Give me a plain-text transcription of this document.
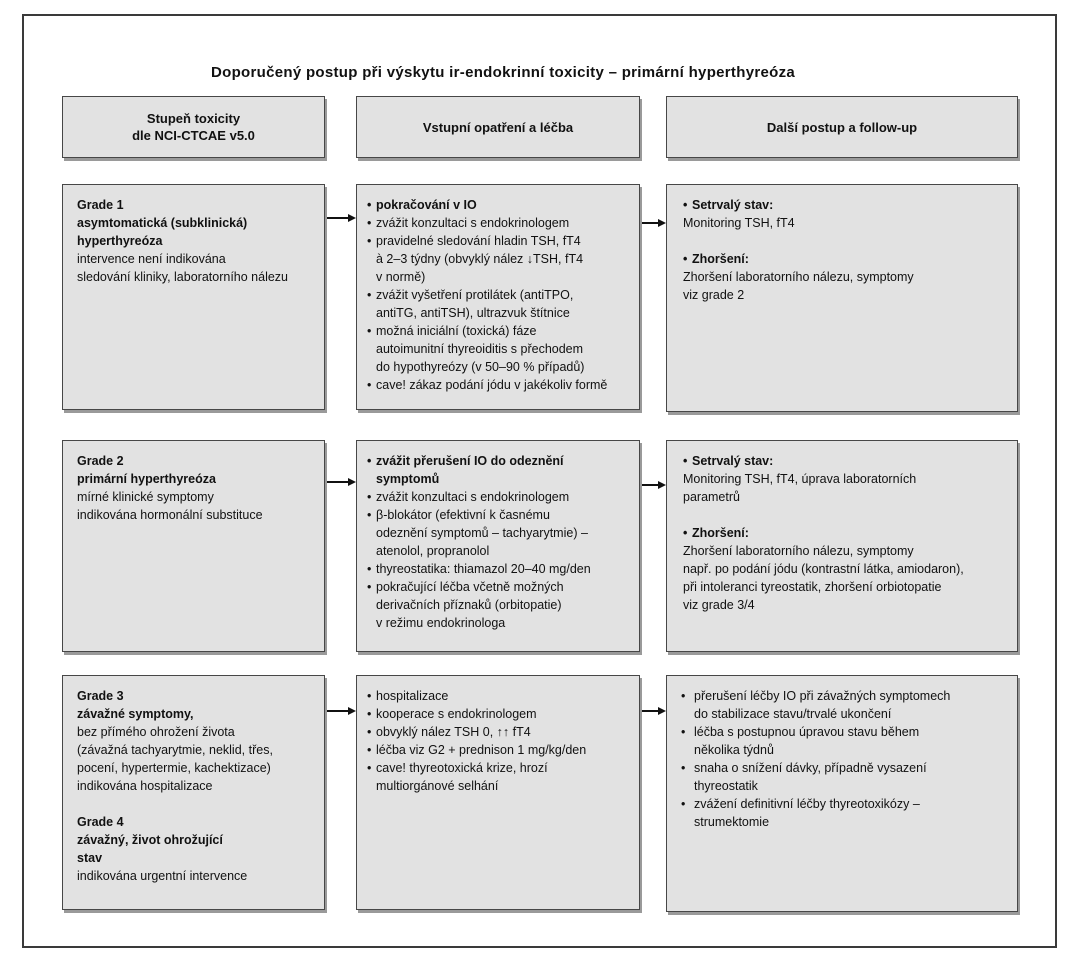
Doporučený postup při výskytu ir-endokrinní toxicity – primární hyperthyreóza
Stupeň toxicity
dle NCI-CTCAE v5.0
Vstupní opatření a léčba	Další postup a follow-up
Grade 1
asymtomatická (subklinická)
hyperthyreóza
intervence není indikována
sledování kliniky, laboratorního nálezu
• pokračování v IO
• zvážit konzultaci s endokrinologem
• pravidelné sledování hladin TSH, fT4
à 2–3 týdny (obvyklý nález ↓TSH, fT4
v normě)
• zvážit vyšetření protilátek (antiTPO,
antiTG, antiTSH), ultrazvuk štítnice
• možná iniciální (toxická) fáze
autoimunitní thyreoiditis s přechodem
do hypothyreózy (v 50–90 % případů)
• cave! zákaz podání jódu v jakékoliv formě
• Setrvalý stav:
Monitoring TSH, fT4
• Zhoršení:
Zhoršení laboratorního nálezu, symptomy
viz grade 2
Grade 2
primární hyperthyreóza
mírné klinické symptomy
indikována hormonální substituce
• zvážit přerušení IO do odeznění
symptomů
• zvážit konzultaci s endokrinologem
• β-blokátor (efektivní k časnému
odeznění symptomů – tachyarytmie) –
atenolol, propranolol
• thyreostatika: thiamazol 20–40 mg/den
• pokračující léčba včetně možných
derivačních příznaků (orbitopatie)
v režimu endokrinologa
• Setrvalý stav:
Monitoring TSH, fT4, úprava laboratorních
parametrů
• Zhoršení:
Zhoršení laboratorního nálezu, symptomy
např. po podání jódu (kontrastní látka, amiodaron),
při intoleranci tyreostatik, zhoršení orbiotopatie
viz grade 3/4
Grade 3
závažné symptomy,
bez přímého ohrožení života
(závažná tachyarytmie, neklid, třes,
pocení, hypertermie, kachektizace)
indikována hospitalizace
Grade 4
závažný, život ohrožující
stav
indikována urgentní intervence
• hospitalizace
• kooperace s endokrinologem
• obvyklý nález TSH 0, ↑↑ fT4
• léčba viz G2 + prednison 1 mg/kg/den
• cave! thyreotoxická krize, hrozí
multiorgánové selhání
• přerušení léčby IO při závažných symptomech
do stabilizace stavu/trvalé ukončení
• léčba s postupnou úpravou stavu během
několika týdnů
• snaha o snížení dávky, případně vysazení
thyreostatik
• zvážení definitivní léčby thyreotoxikózy –
strumektomie
